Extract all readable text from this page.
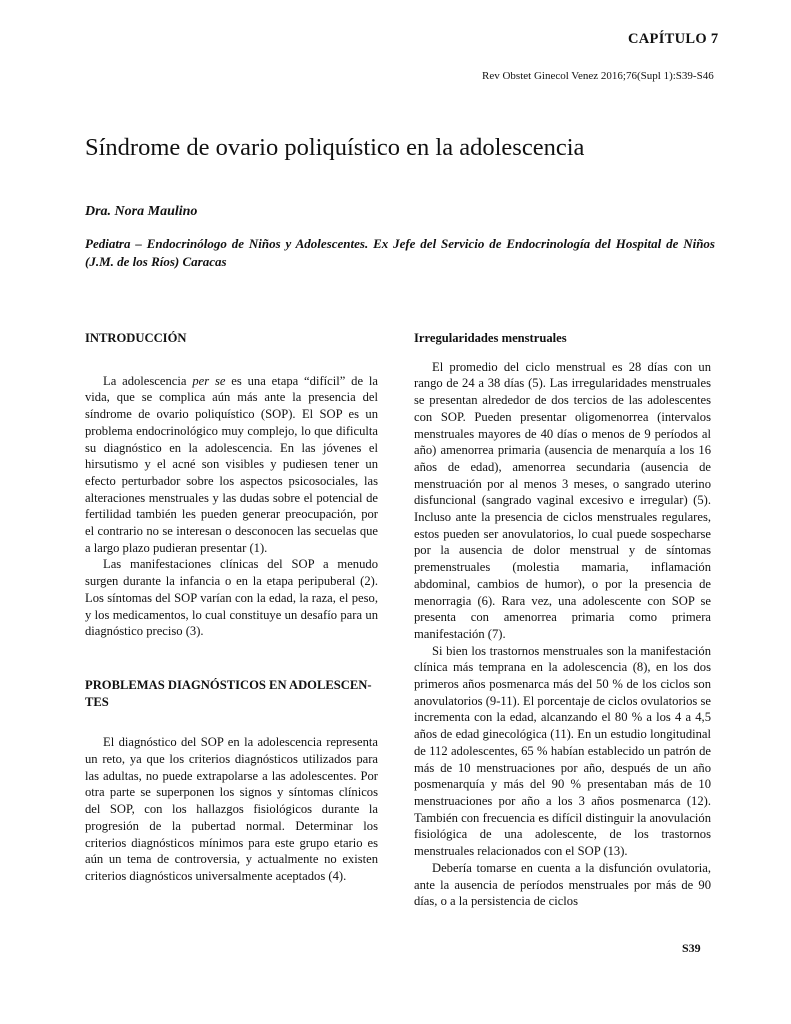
CAPÍTULO 7
Rev Obstet Ginecol Venez 2016;76(Supl 1):S39-S46
Síndrome de ovario poliquístico en la adolescencia
Dra. Nora Maulino

Pediatra – Endocrinólogo de Niños y Adolescentes. Ex Jefe del Servicio de Endocrinología del Hospital de Niños (J.M. de los Ríos) Caracas

INTRODUCCIÓN

La adolescencia per se es una etapa “difícil” de la vida, que se complica aún más ante la presencia del síndrome de ovario poliquístico (SOP). El SOP es un problema endocrinológico muy complejo, lo que dificulta su diagnóstico en la adolescencia. En las jóvenes el hirsutismo y el acné son visibles y pudiesen tener un efecto perturbador sobre los aspectos psicosociales, las alteraciones menstruales y las dudas sobre el potencial de fertilidad también les pueden generar preocupación, por el contrario no se interesan o desconocen las secuelas que a largo plazo pudieran presentar (1).

Las manifestaciones clínicas del SOP a menudo surgen durante la infancia o en la etapa peripuberal (2). Los síntomas del SOP varían con la edad, la raza, el peso, y los medicamentos, lo cual constituye un desafío para un diagnóstico preciso (3).

PROBLEMAS DIAGNÓSTICOS EN ADOLESCEN-TES

El diagnóstico del SOP en la adolescencia representa un reto, ya que los criterios diagnósticos utilizados para las adultas, no puede extrapolarse a las adolescentes. Por otra parte se superponen los signos y síntomas clínicos del SOP, con los hallazgos fisiológicos durante la progresión de la pubertad normal. Determinar los criterios diagnósticos mínimos para este grupo etario es aún un tema de controversia, y actualmente no existen criterios diagnósticos universalmente aceptados (4).

Irregularidades menstruales

El promedio del ciclo menstrual es 28 días con un rango de 24 a 38 días (5). Las irregularidades menstruales se presentan alrededor de dos tercios de las adolescentes con SOP. Pueden presentar oligomenorrea (intervalos menstruales mayores de 40 días o menos de 9 períodos al año) amenorrea primaria (ausencia de menarquía a los 16 años de edad), amenorrea secundaria (ausencia de menstruación por al menos 3 meses, o sangrado uterino disfuncional (sangrado vaginal excesivo e irregular) (5). Incluso ante la presencia de ciclos menstruales regulares, estos pueden ser anovulatorios, lo cual puede sospecharse por la ausencia de dolor menstrual y de síntomas premenstruales (molestia mamaria, inflamación abdominal, cambios de humor), o por la presencia de menorragia (6). Rara vez, una adolescente con SOP se presenta con amenorrea primaria como primera manifestación (7).

Si bien los trastornos menstruales son la manifestación clínica más temprana en la adolescencia (8), en los dos primeros años posmenarca más del 50 % de los ciclos son anovulatorios (9-11). El porcentaje de ciclos ovulatorios se incrementa con la edad, alcanzando el 80 % a los 4 a 4,5 años de edad ginecológica (11). En un estudio longitudinal de 112 adolescentes, 65 % habían establecido un patrón de más de 10 menstruaciones por año, después de un año posmenarquía y más del 90 % presentaban más de 10 menstruaciones por año a los 3 años posmenarca (12). También con frecuencia es difícil distinguir la anovulación fisiológica de una adolescente, de los trastornos menstruales relacionados con el SOP (13).

Debería tomarse en cuenta a la disfunción ovulatoria, ante la ausencia de períodos menstruales por más de 90 días, o a la persistencia de ciclos

S39
